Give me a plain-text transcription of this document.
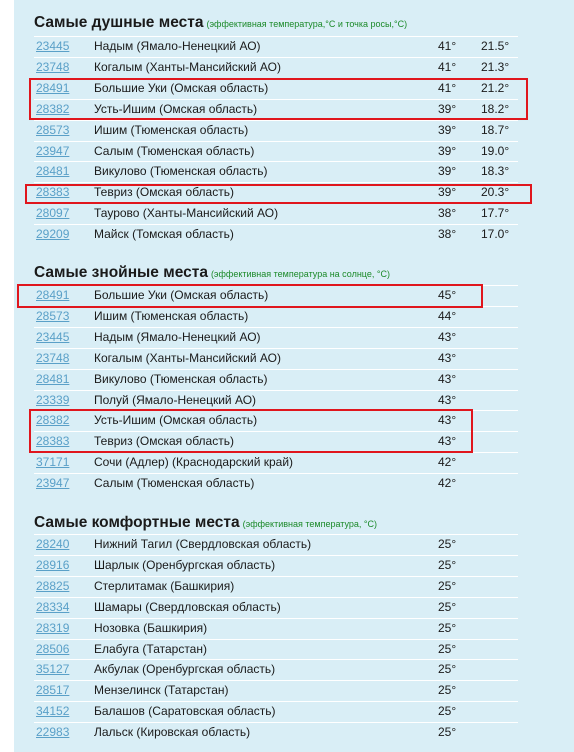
Самые душные места (эффективная температура,°С и точка росы,°С)
23445 Надым (Ямало-Ненецкий АО)	41° 21.5°
23748 Когалым (Ханты-Мансийский АО)	41° 21.3°
28491 Большие Уки (Омская область)	41° 21.2°
28382 Усть-Ишим (Омская область)	39° 18.2°
28573 Ишим (Тюменская область)	39° 18.7°
23947 Салым (Тюменская область)	39° 19.0°
28481 Викулово (Тюменская область)	39° 18.3°
28383 Тевриз (Омская область)	39° 20.3°
28097 Таурово (Ханты-Мансийский АО)	38° 17.7°
29209 Майск (Томская область)	38° 17.0°
Самые знойные места (эффективная температура на солнце, °С)
28491 Большие Уки (Омская область)	45°
28573 Ишим (Тюменская область)	44°
23445 Надым (Ямало-Ненецкий АО)	43°
23748 Когалым (Ханты-Мансийский АО)	43°
28481 Викулово (Тюменская область)	43°
23339 Полуй (Ямало-Ненецкий АО)	43°
28382 Усть-Ишим (Омская область)	43°
28383 Тевриз (Омская область)	43°
37171 Сочи (Адлер) (Краснодарский край)	42°
23947 Салым (Тюменская область)	42°
Самые комфортные места (эффективная температура, °С)
28240 Нижний Тагил (Свердловская область)	25°
28916 Шарлык (Оренбургская область)	25°
28825 Стерлитамак (Башкирия)	25°
28334 Шамары (Свердловская область)	25°
28319 Нозовка (Башкирия)	25°
28506 Елабуга (Татарстан)	25°
35127 Акбулак (Оренбургская область)	25°
28517 Мензелинск (Татарстан)	25°
34152 Балашов (Саратовская область)	25°
22983 Лальск (Кировская область)	25°
